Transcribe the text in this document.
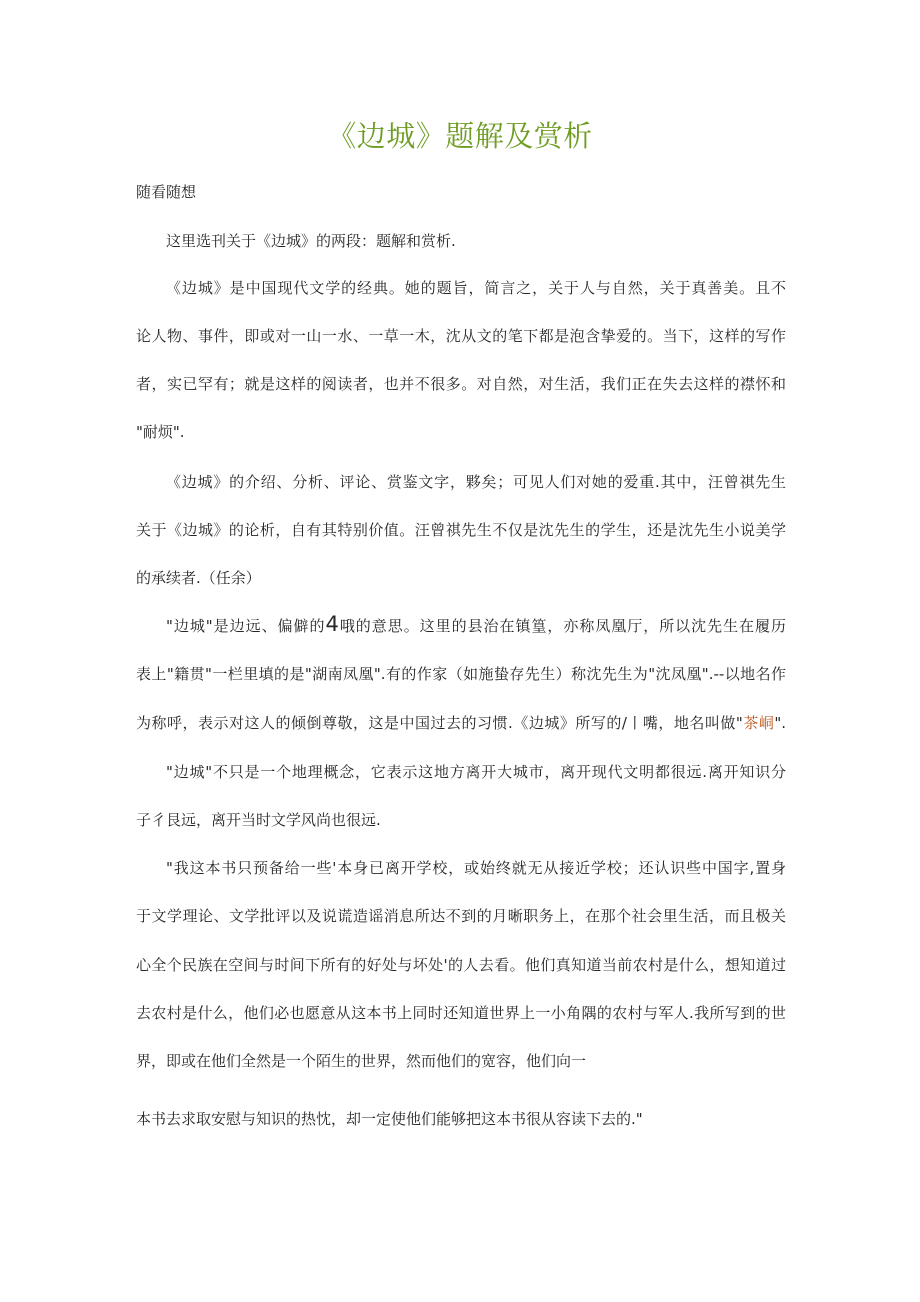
《边城》题解及赏析
随看随想
这里选刊关于《边城》的两段：题解和赏析.
《边城》是中国现代文学的经典。她的题旨，简言之，关于人与自然，关于真善美。且不
论人物、事件，即或对一山一水、一草一木，沈从文的笔下都是泡含挚爱的。当下，这样的写作
者，实已罕有；就是这样的阅读者，也并不很多。对自然，对生活，我们正在失去这样的襟怀和
"耐烦".
《边城》的介绍、分析、评论、赏鉴文字，夥矣；可见人们对她的爱重.其中，汪曾祺先生
关于《边城》的论析，自有其特别价值。汪曾祺先生不仅是沈先生的学生，还是沈先生小说美学
的承续者.（任余）
"边城"是边远、偏僻的4哦的意思。这里的县治在镇篁，亦称凤凰厅，所以沈先生在履历
表上"籍贯"一栏里填的是"湖南凤凰".有的作家（如施蛰存先生）称沈先生为"沈凤凰".--以地名作
为称呼，表示对这人的倾倒尊敬，这是中国过去的习惯.《边城》所写的/丨嘴，地名叫做"茶峒".
"边城"不只是一个地理概念，它表示这地方离开大城市，离开现代文明都很远.离开知识分
子彳艮远，离开当时文学风尚也很远.
"我这本书只预备给一些'本身已离开学校，或始终就无从接近学校；还认识些中国字,置身
于文学理论、文学批评以及说谎造谣消息所达不到的月晰职务上，在那个社会里生活，而且极关
心全个民族在空间与时间下所有的好处与坏处'的人去看。他们真知道当前农村是什么，想知道过
去农村是什么，他们必也愿意从这本书上同时还知道世界上一小角隅的农村与军人.我所写到的世
界，即或在他们全然是一个陌生的世界，然而他们的宽容，他们向一
本书去求取安慰与知识的热忱，却一定使他们能够把这本书很从容读下去的."
